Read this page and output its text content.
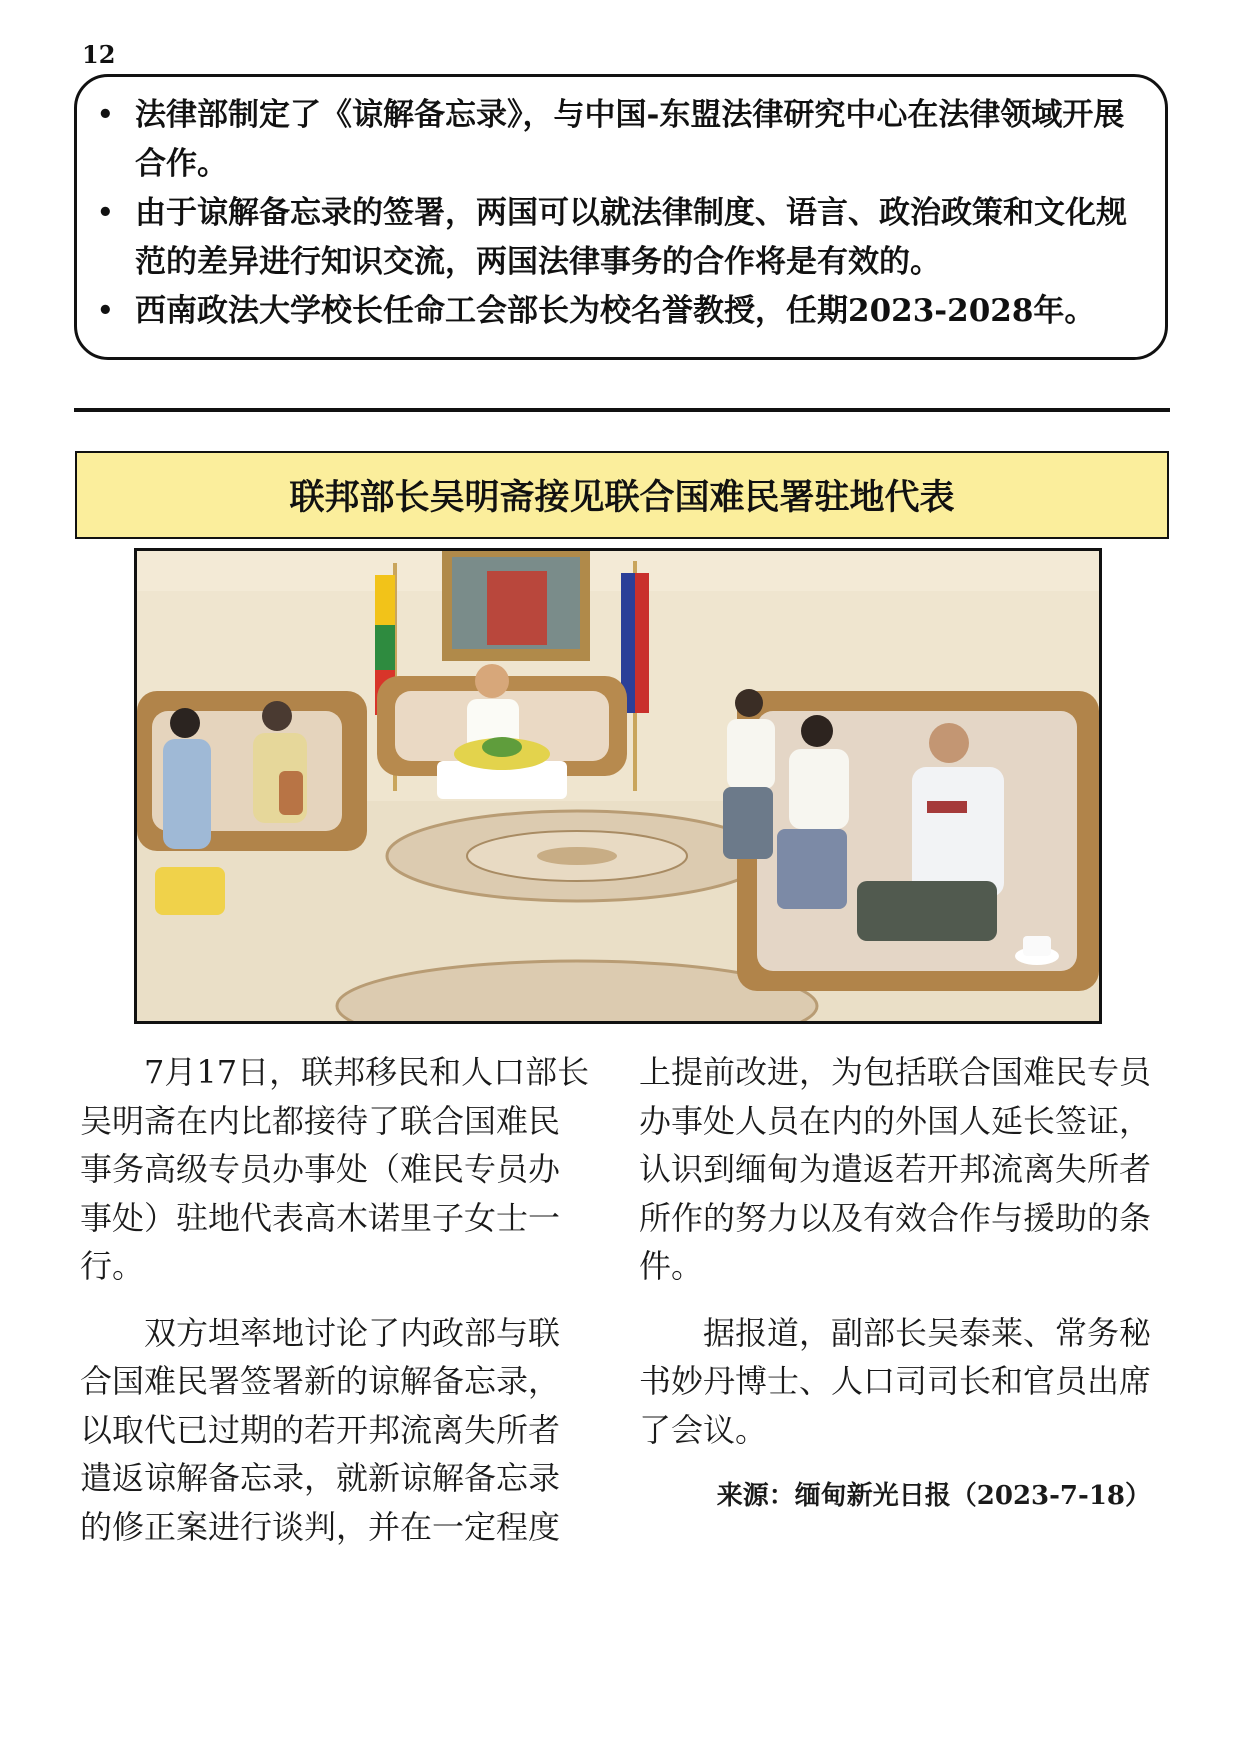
12
• 法律部制定了《谅解备忘录》，与中国-东盟法律研究中心在法律领域开展合作。
• 由于谅解备忘录的签署，两国可以就法律制度、语言、政治政策和文化规范的差异进行知识交流，两国法律事务的合作将是有效的。
• 西南政法大学校长任命工会部长为校名誉教授，任期2023-2028年。
联邦部长吴明斋接见联合国难民署驻地代表

7月17日，联邦移民和人口部长吴明斋在内比都接待了联合国难民事务高级专员办事处（难民专员办事处）驻地代表高木诺里子女士一行。

双方坦率地讨论了内政部与联合国难民署签署新的谅解备忘录，以取代已过期的若开邦流离失所者遣返谅解备忘录，就新谅解备忘录的修正案进行谈判，并在一定程度

上提前改进，为包括联合国难民专员办事处人员在内的外国人延长签证，认识到缅甸为遣返若开邦流离失所者所作的努力以及有效合作与援助的条件。

据报道，副部长吴泰莱、常务秘书妙丹博士、人口司司长和官员出席了会议。

来源：缅甸新光日报（2023-7-18）
